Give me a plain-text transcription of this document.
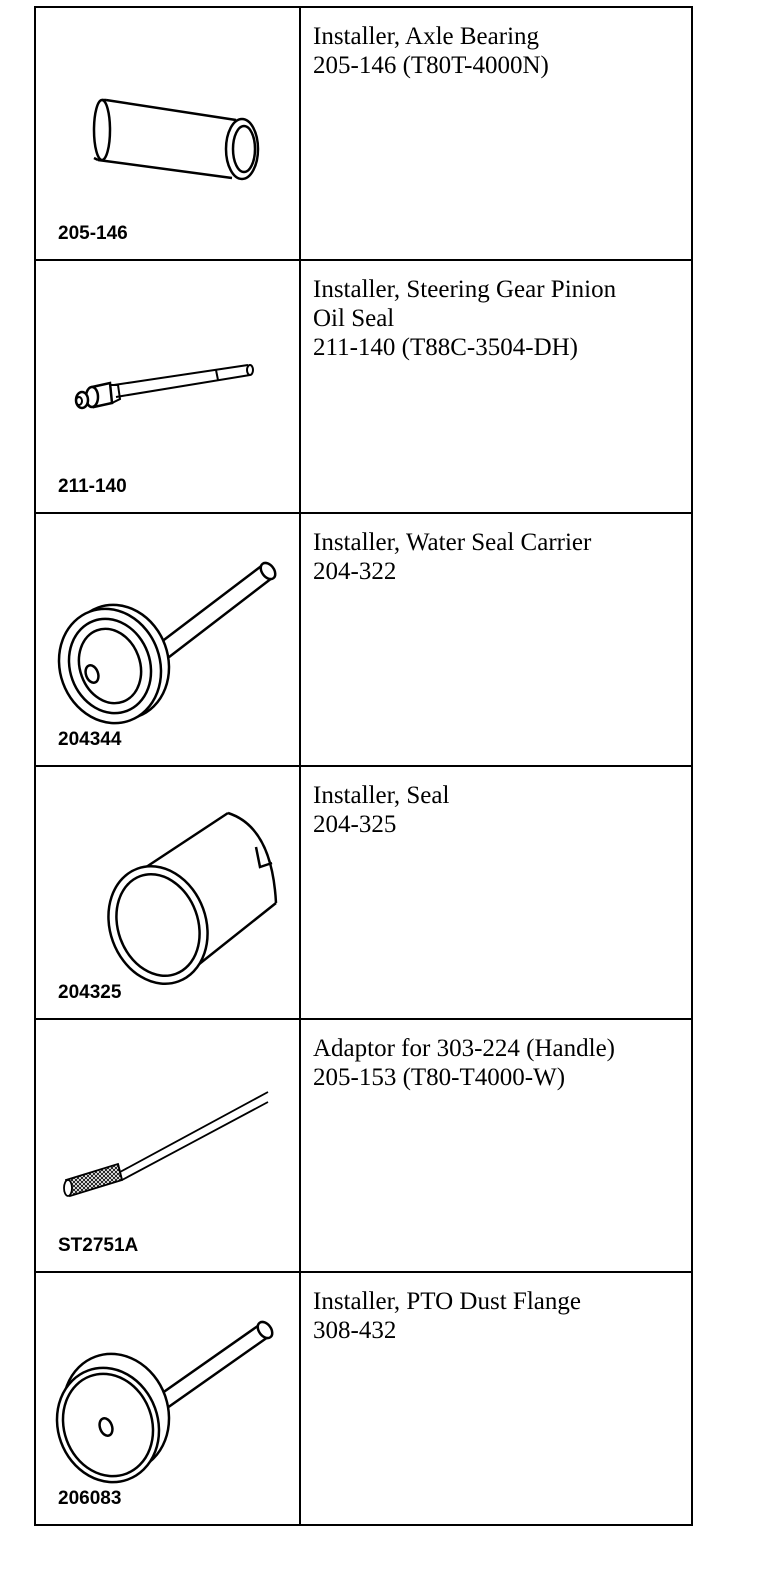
205-146	Installer, Axle Bearing
205-146 (T80T-4000N)

211-140	Installer, Steering Gear Pinion
Oil Seal
211-140 (T88C-3504-DH)

204344	Installer, Water Seal Carrier
204-322

204325	Installer, Seal
204-325

ST2751A	Adaptor for 303-224 (Handle)
205-153 (T80-T4000-W)

206083	Installer, PTO Dust Flange
308-432
